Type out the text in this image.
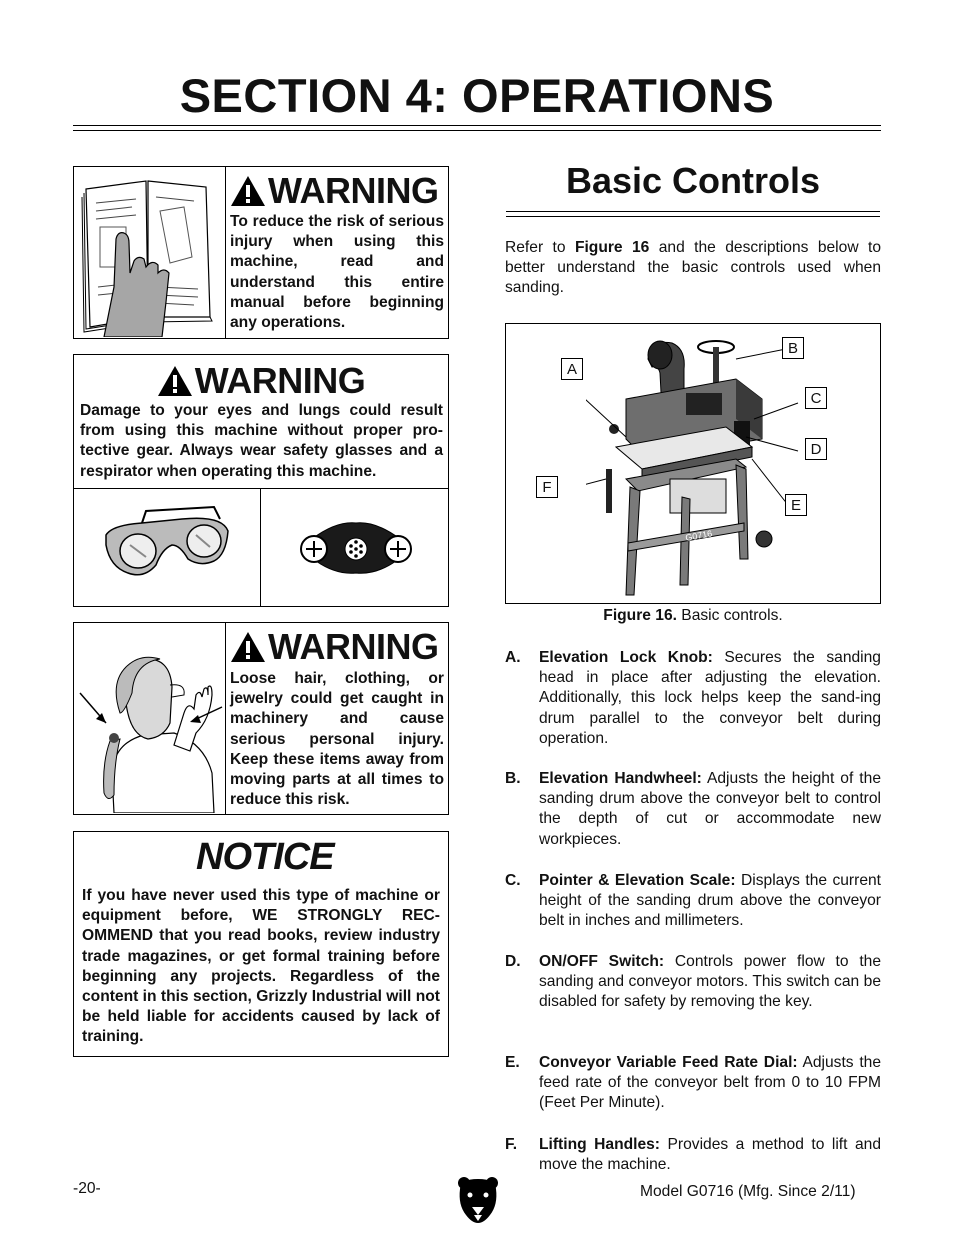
SECTION 4: OPERATIONS
WARNING
To reduce the risk of serious injury when using this machine, read and understand this entire manual before beginning any operations.
WARNING
Damage to your eyes and lungs could result from using this machine without proper pro-tective gear. Always wear safety glasses and a respirator when operating this machine.
WARNING
Loose hair, clothing, or jewelry could get caught in machinery and cause serious personal injury. Keep these items away from moving parts at all times to reduce this risk.
NOTICE
If you have never used this type of machine or equipment before, WE STRONGLY REC-OMMEND that you read books, review industry trade magazines, or get formal training before beginning any projects. Regardless of the content in this section, Grizzly Industrial will not be held liable for accidents caused by lack of training.
Basic Controls
Refer to Figure 16 and the descriptions below to better understand the basic controls used when sanding.
G0716
A
B
C
D
E
F
Figure 16. Basic controls.
A. Elevation Lock Knob: Secures the sanding head in place after adjusting the elevation. Additionally, this lock helps keep the sand-ing drum parallel to the conveyor belt during operation.
B. Elevation Handwheel: Adjusts the height of the sanding drum above the conveyor belt to control the depth of cut or accommodate new workpieces.
C. Pointer & Elevation Scale: Displays the current height of the sanding drum above the conveyor belt in inches and millimeters.
D. ON/OFF Switch: Controls power flow to the sanding and conveyor motors. This switch can be disabled for safety by removing the key.
E. Conveyor Variable Feed Rate Dial: Adjusts the feed rate of the conveyor belt from 0 to 10 FPM (Feet Per Minute).
F. Lifting Handles: Provides a method to lift and move the machine.
-20-	Model G0716 (Mfg. Since 2/11)
